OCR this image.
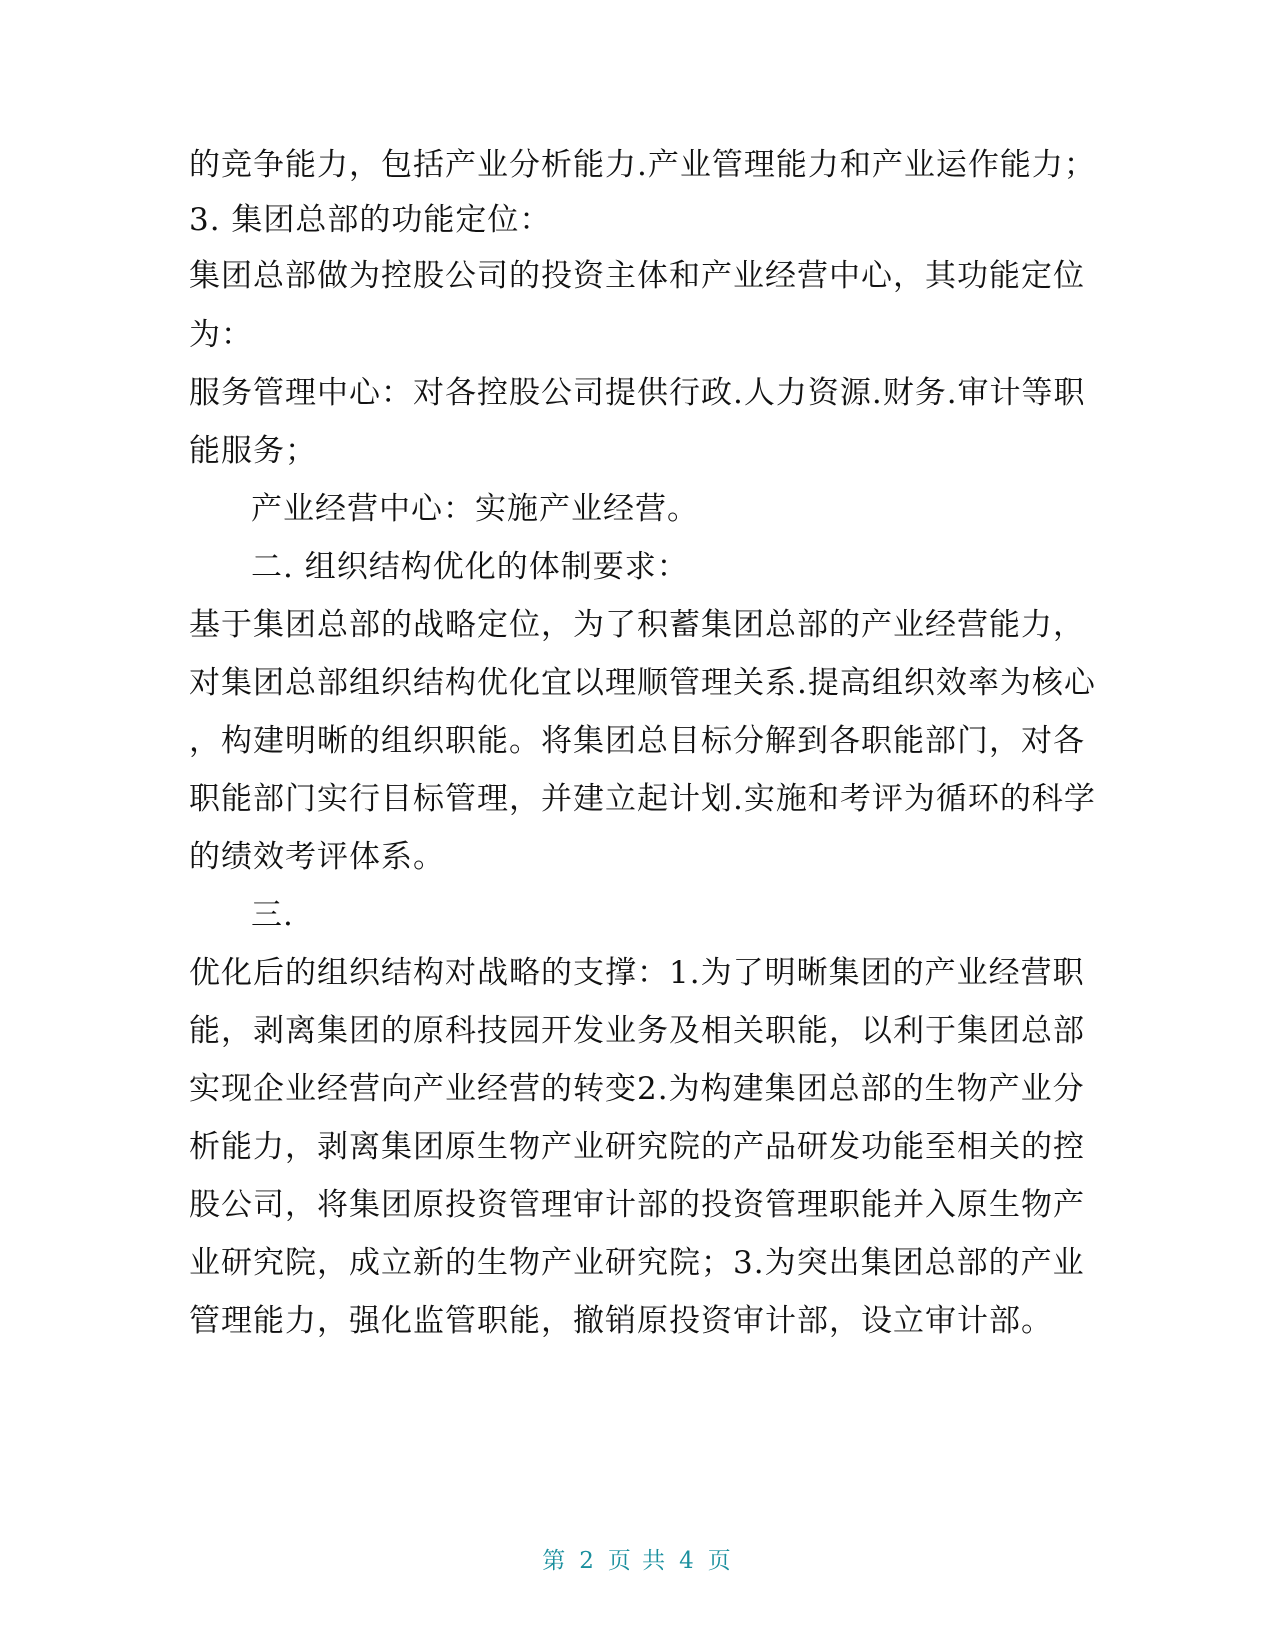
的竞争能力，包括产业分析能力.产业管理能力和产业运作能力；
3. 集团总部的功能定位：
集团总部做为控股公司的投资主体和产业经营中心，其功能定位
为：
服务管理中心：对各控股公司提供行政.人力资源.财务.审计等职
能服务；
产业经营中心：实施产业经营。
二. 组织结构优化的体制要求：
基于集团总部的战略定位，为了积蓄集团总部的产业经营能力，
对集团总部组织结构优化宜以理顺管理关系.提高组织效率为核心
，构建明晰的组织职能。将集团总目标分解到各职能部门，对各
职能部门实行目标管理，并建立起计划.实施和考评为循环的科学
的绩效考评体系。
三.
优化后的组织结构对战略的支撑：1.为了明晰集团的产业经营职
能，剥离集团的原科技园开发业务及相关职能，以利于集团总部
实现企业经营向产业经营的转变2.为构建集团总部的生物产业分
析能力，剥离集团原生物产业研究院的产品研发功能至相关的控
股公司，将集团原投资管理审计部的投资管理职能并入原生物产
业研究院，成立新的生物产业研究院；3.为突出集团总部的产业
管理能力，强化监管职能，撤销原投资审计部，设立审计部。
第 2 页 共 4 页
